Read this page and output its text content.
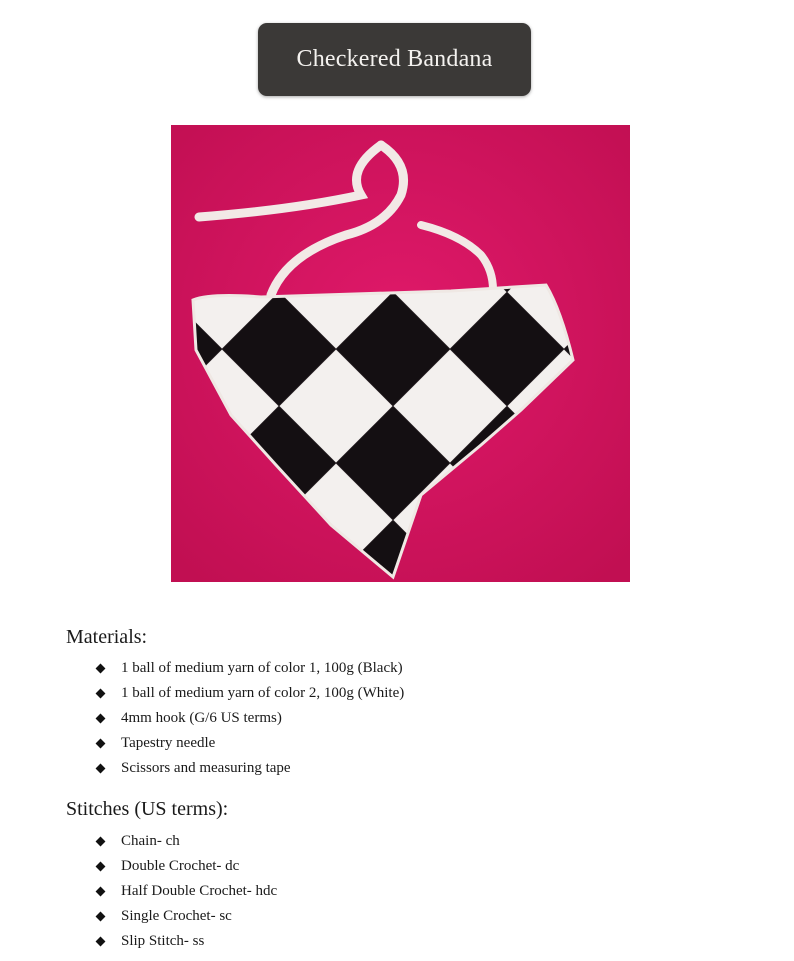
Checkered Bandana
Materials:
1 ball of medium yarn of color 1, 100g (Black)
1 ball of medium yarn of color 2, 100g (White)
4mm hook (G/6 US terms)
Tapestry needle
Scissors and measuring tape
Stitches (US terms):
Chain- ch
Double Crochet- dc
Half Double Crochet- hdc
Single Crochet- sc
Slip Stitch- ss
